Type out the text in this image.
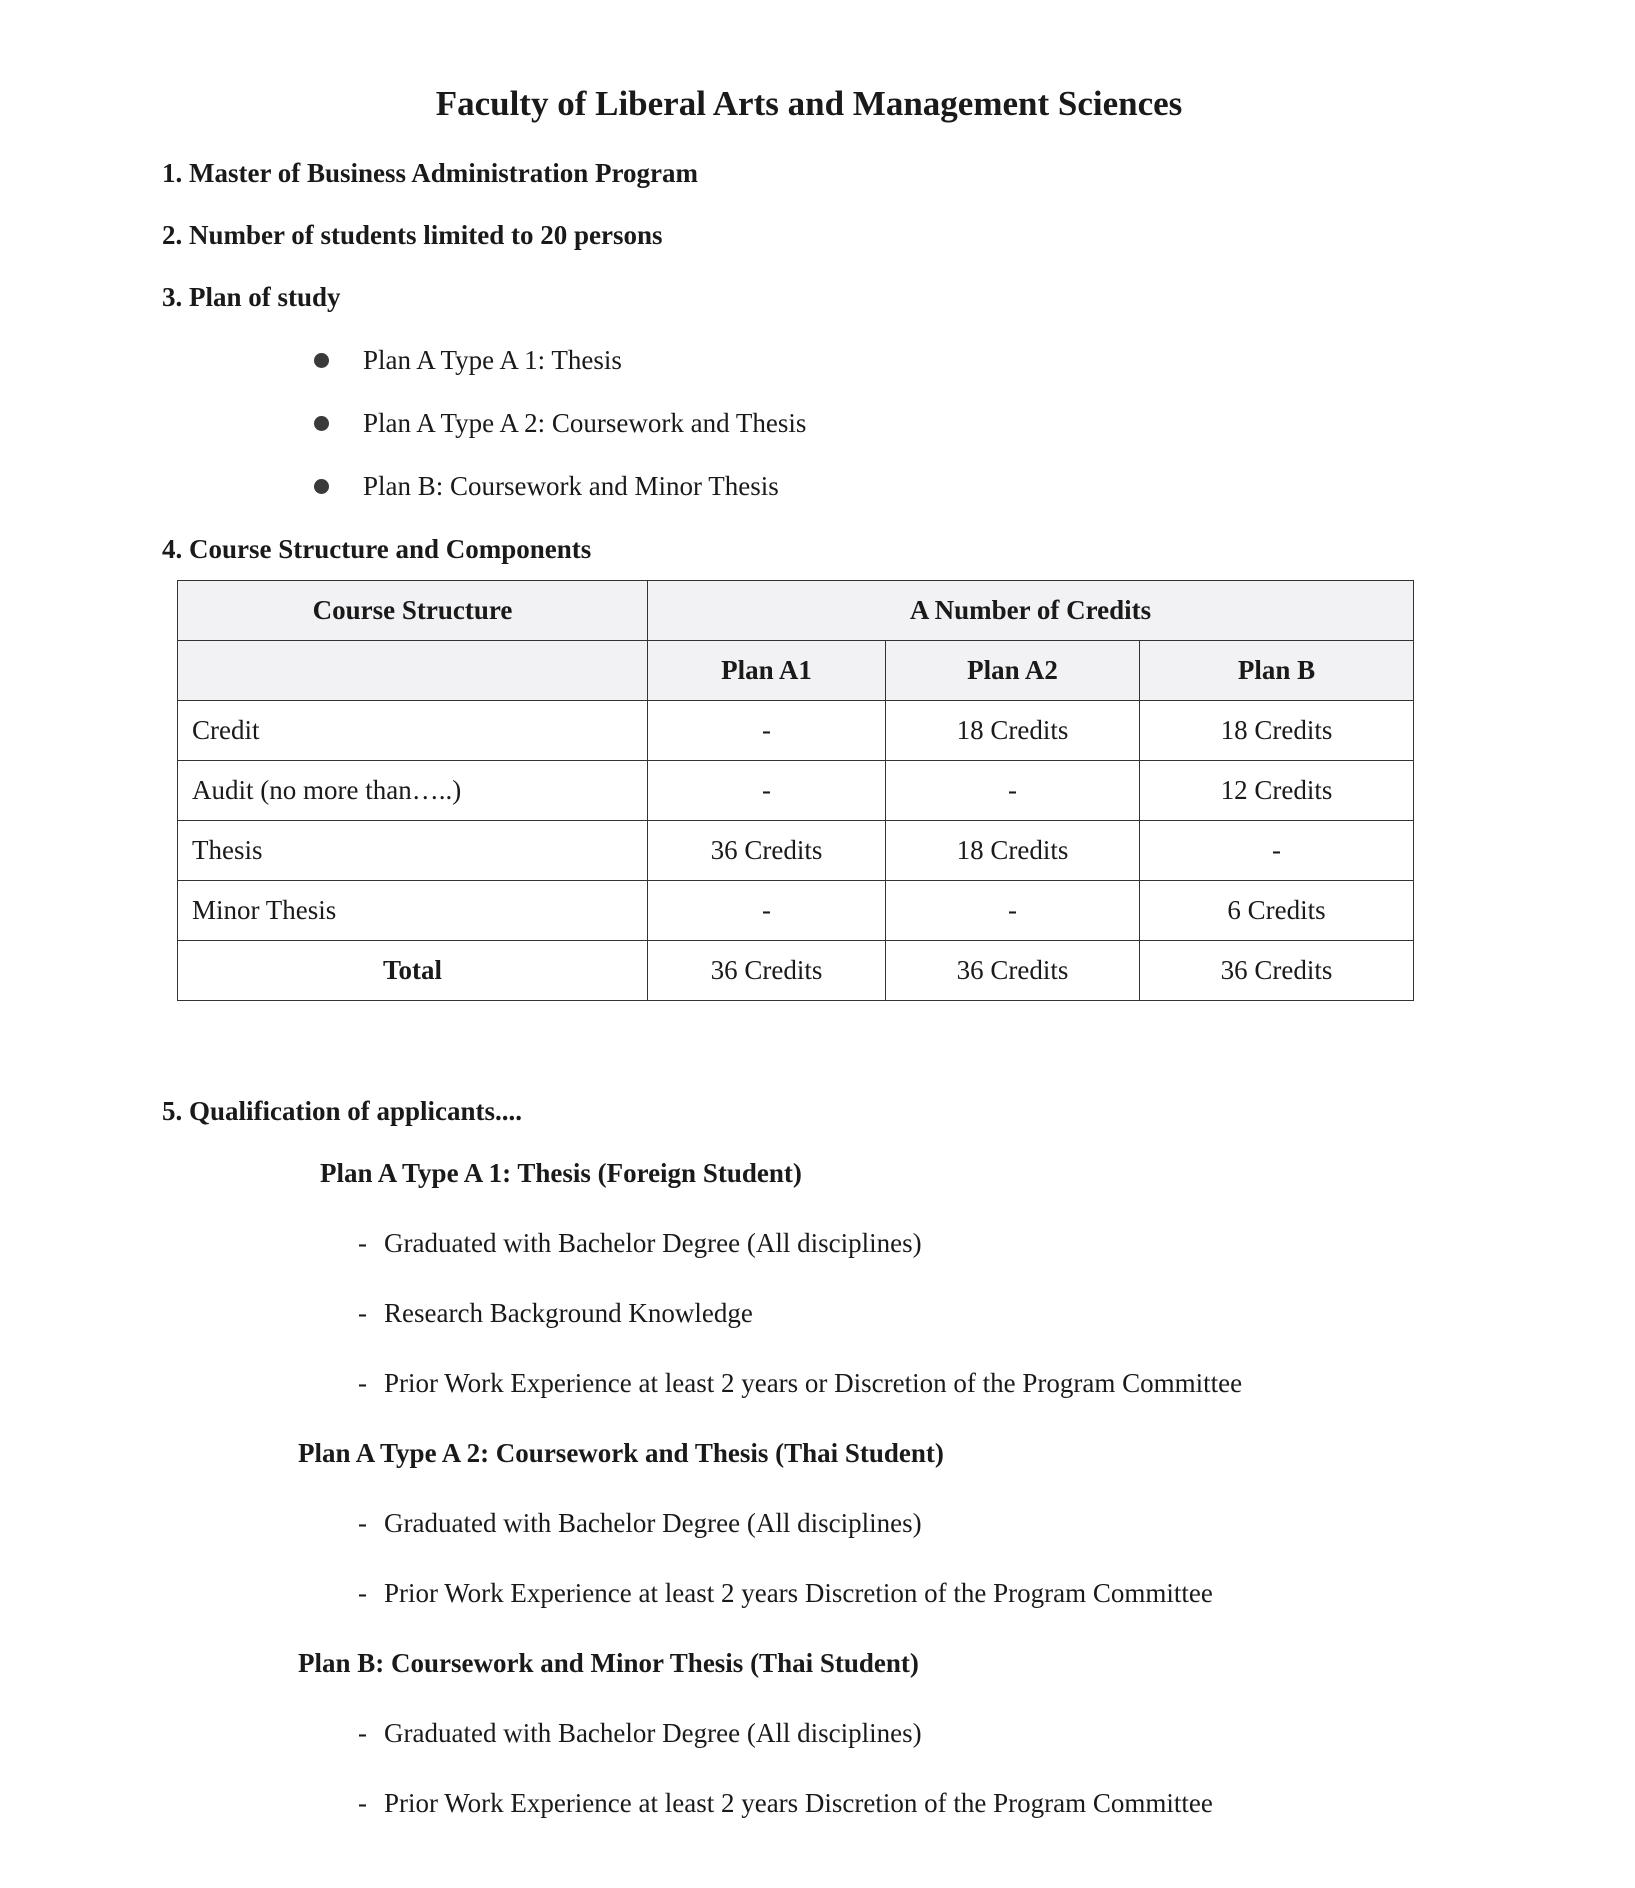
Faculty of Liberal Arts and Management Sciences

1. Master of Business Administration Program

2. Number of students limited to 20 persons

3. Plan of study

Plan A Type A 1: Thesis
Plan A Type A 2: Coursework and Thesis
Plan B: Coursework and Minor Thesis

4. Course Structure and Components

Course Structure	A Number of Credits		
	Plan A1	Plan A2	Plan B
Credit	-	18 Credits	18 Credits
Audit (no more than…..)	-	-	12 Credits
Thesis	36 Credits	18 Credits	-
Minor Thesis	-	-	6 Credits
Total	36 Credits	36 Credits	36 Credits

5. Qualification of applicants....

Plan A Type A 1: Thesis (Foreign Student)

- Graduated with Bachelor Degree (All disciplines)
- Research Background Knowledge
- Prior Work Experience at least 2 years or Discretion of the Program Committee

Plan A Type A 2: Coursework and Thesis (Thai Student)

- Graduated with Bachelor Degree (All disciplines)
- Prior Work Experience at least 2 years Discretion of the Program Committee

Plan B: Coursework and Minor Thesis (Thai Student)

- Graduated with Bachelor Degree (All disciplines)
- Prior Work Experience at least 2 years Discretion of the Program Committee
